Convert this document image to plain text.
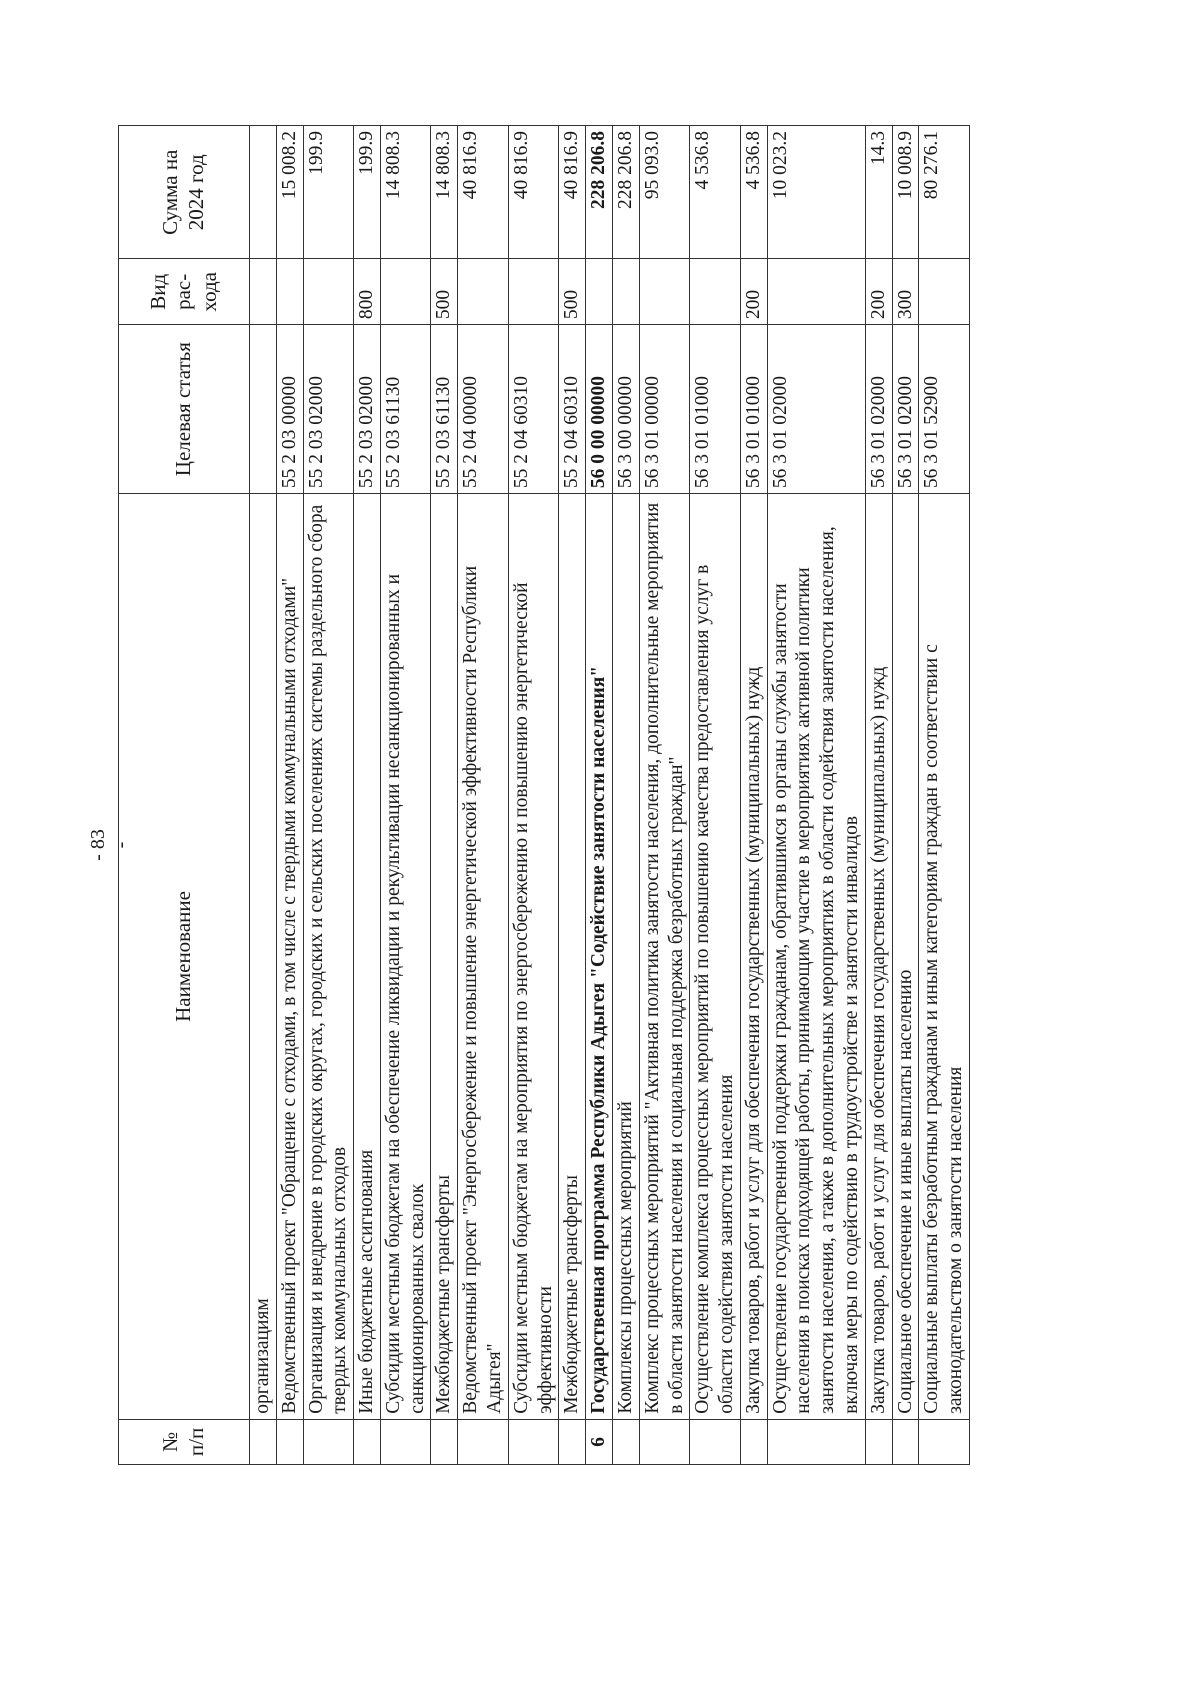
- 83 -
№ п/п	Наименование	Целевая статья	Вид рас-хода	Сумма на 2024 год
	организациям			
	Ведомственный проект "Обращение с отходами, в том числе с твердыми коммунальными отходами"	55 2 03 00000		15 008.2
	Организация и внедрение в городских округах, городских и сельских поселениях системы раздельного сбора твердых коммунальных отходов	55 2 03 02000		199.9
	Иные бюджетные ассигнования	55 2 03 02000	800	199.9
	Субсидии местным бюджетам на обеспечение ликвидации и рекультивации несанкционированных и санкционированных свалок	55 2 03 61130		14 808.3
	Межбюджетные трансферты	55 2 03 61130	500	14 808.3
	Ведомственный проект "Энергосбережение и повышение энергетической эффективности Республики Адыгея"	55 2 04 00000		40 816.9
	Субсидии местным бюджетам на мероприятия по энергосбережению и повышению энергетической эффективности	55 2 04 60310		40 816.9
	Межбюджетные трансферты	55 2 04 60310	500	40 816.9
6	Государственная программа Республики Адыгея "Содействие занятости населения"	56 0 00 00000		228 206.8
	Комплексы процессных мероприятий	56 3 00 00000		228 206.8
	Комплекс процессных мероприятий "Активная политика занятости населения, дополнительные мероприятия в области занятости населения и социальная поддержка безработных граждан"	56 3 01 00000		95 093.0
	Осуществление комплекса процессных мероприятий по повышению качества предоставления услуг в области содействия занятости населения	56 3 01 01000		4 536.8
	Закупка товаров, работ и услуг для обеспечения государственных (муниципальных) нужд	56 3 01 01000	200	4 536.8
	Осуществление государственной поддержки гражданам, обратившимся в органы службы занятости населения в поисках подходящей работы, принимающим участие в мероприятиях активной политики занятости населения, а также в дополнительных мероприятиях в области содействия занятости населения, включая меры по содействию в трудоустройстве и занятости инвалидов	56 3 01 02000		10 023.2
	Закупка товаров, работ и услуг для обеспечения государственных (муниципальных) нужд	56 3 01 02000	200	14.3
	Социальное обеспечение и иные выплаты населению	56 3 01 02000	300	10 008.9
	Социальные выплаты безработным гражданам и иным категориям граждан в соответствии с законодательством о занятости населения	56 3 01 52900		80 276.1
